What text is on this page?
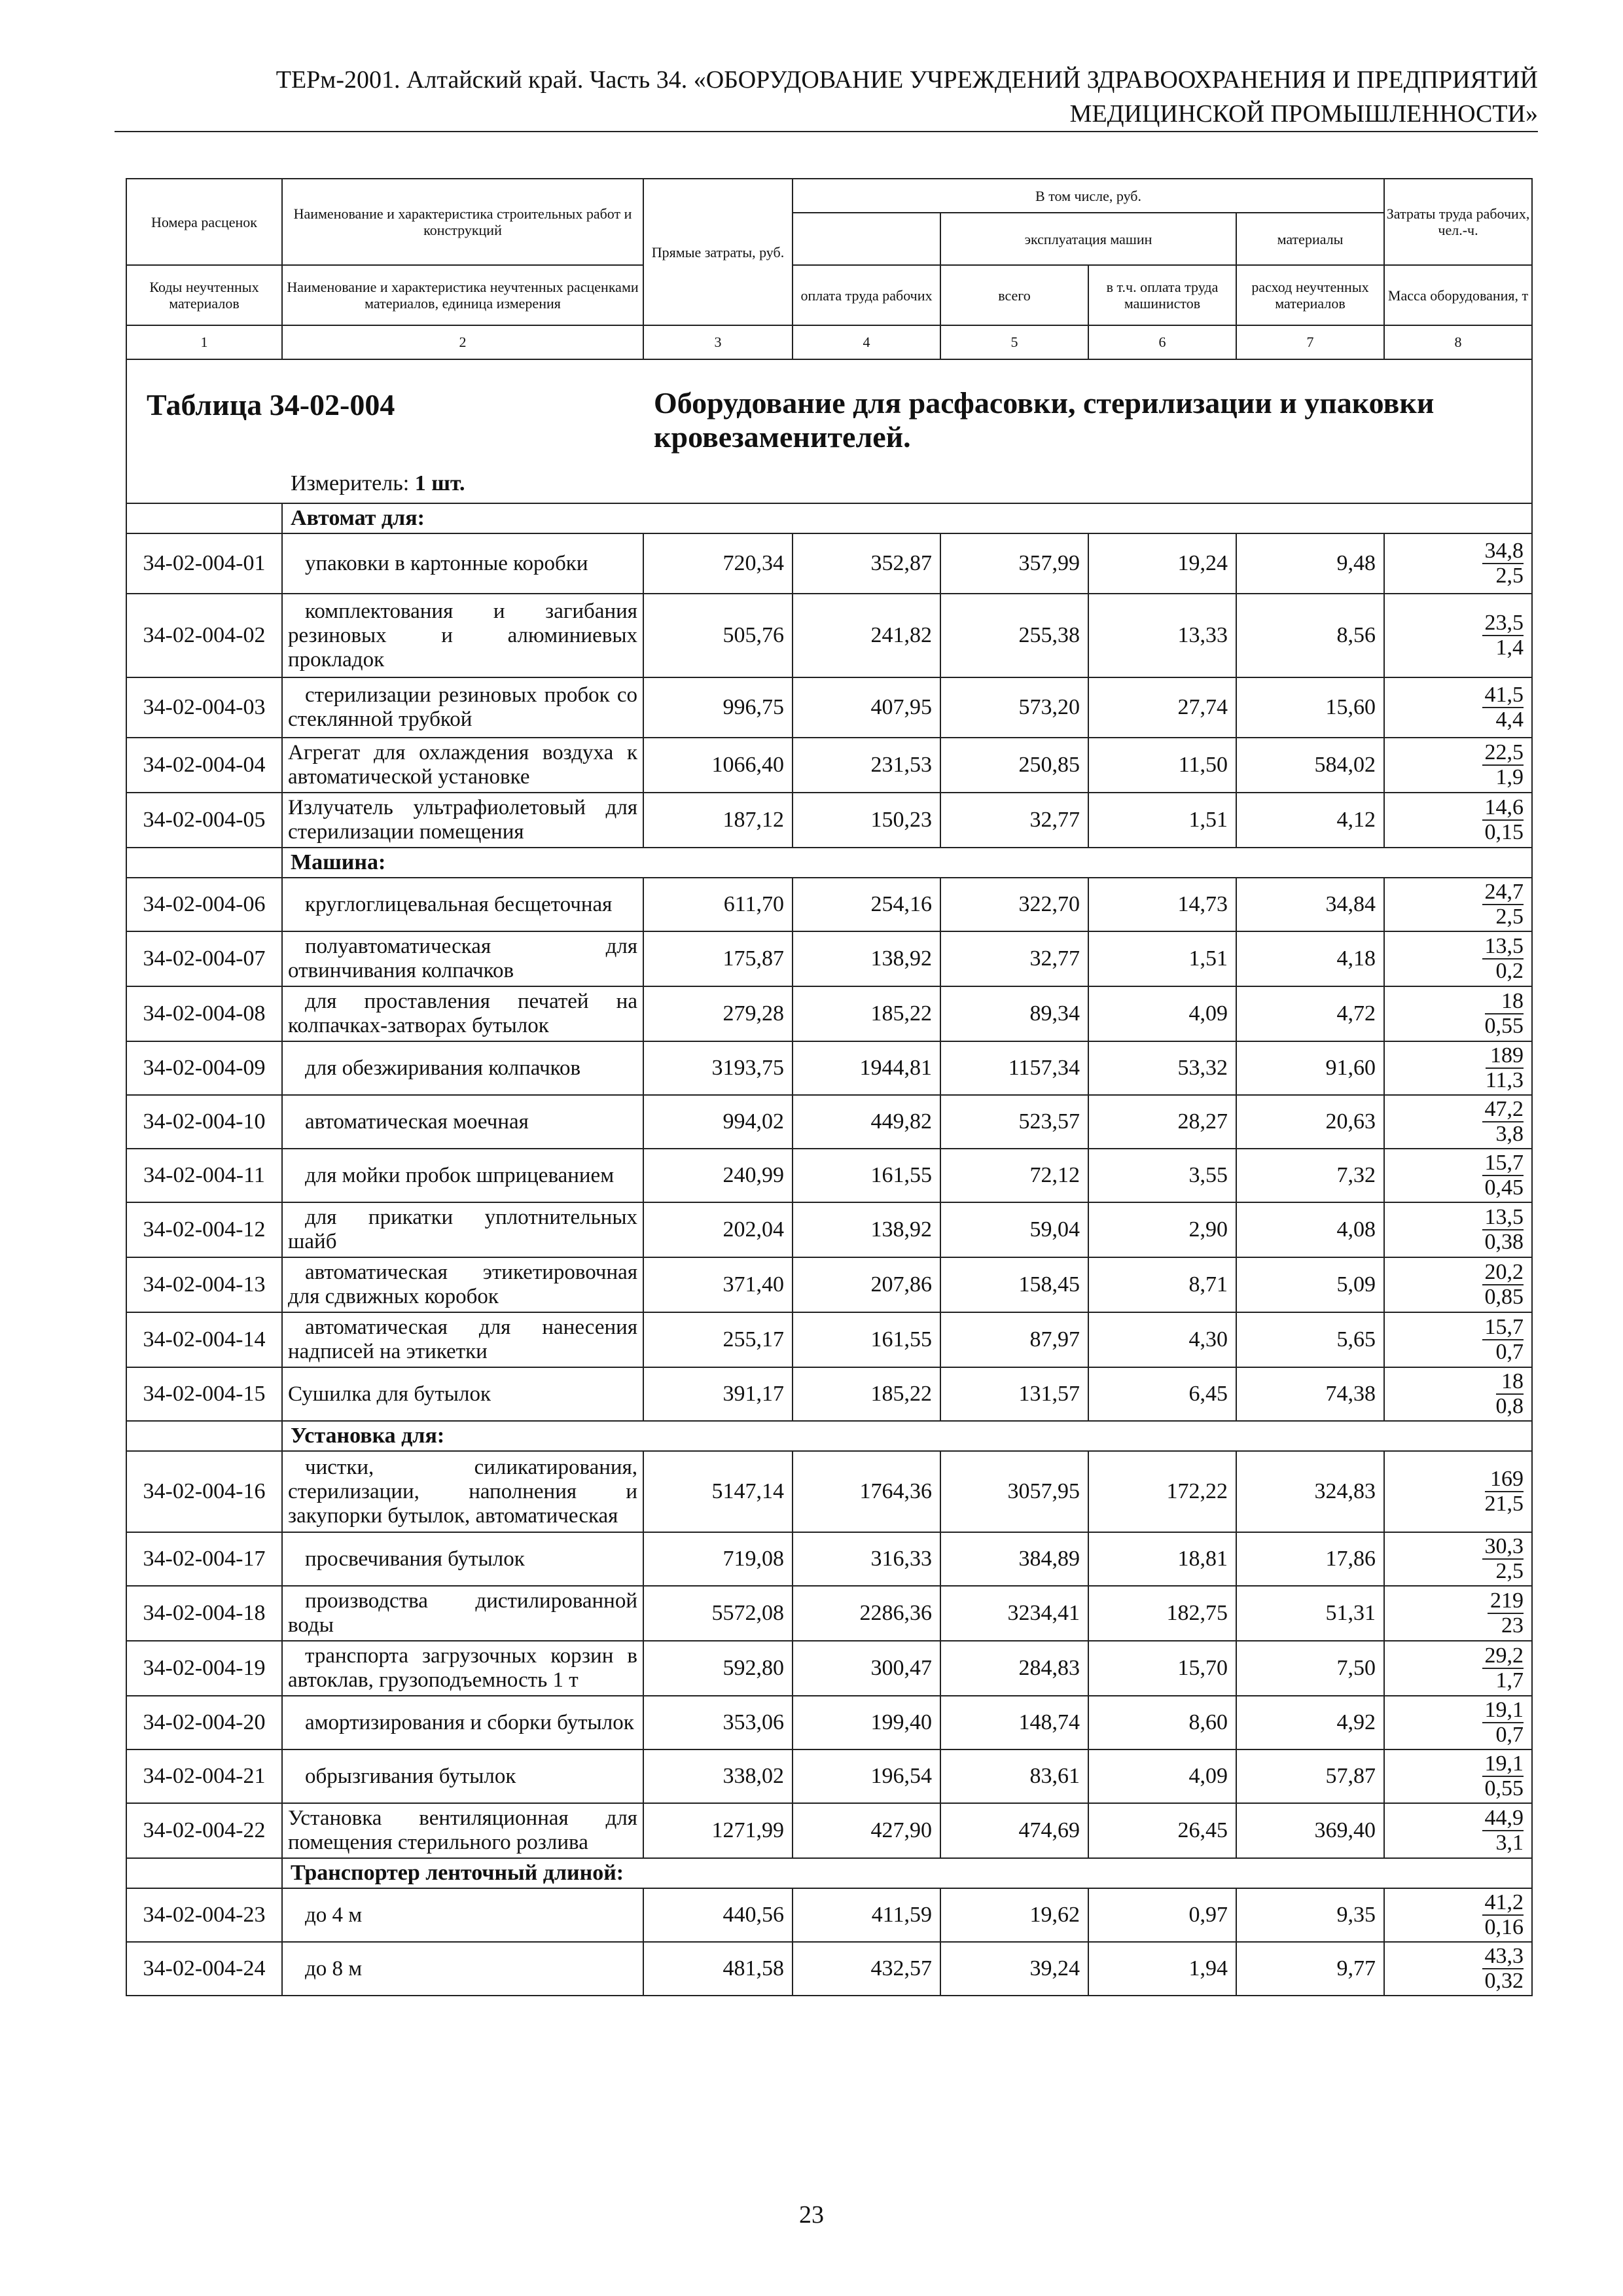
ТЕРм-2001. Алтайский край. Часть 34. «ОБОРУДОВАНИЕ УЧРЕЖДЕНИЙ ЗДРАВООХРАНЕНИЯ И ПРЕДПРИЯТИЙ
МЕДИЦИНСКОЙ ПРОМЫШЛЕННОСТИ»
Номера расценок	Наименование и характеристика строительных работ и конструкций	Прямые затраты, руб.	В том числе, руб.				Затраты труда рабочих, чел.-ч.
				эксплуатация машин		материалы	
Коды неучтенных материалов	Наименование и характеристика неучтенных расценками материалов, единица измерения		оплата труда рабочих	всего	в т.ч. оплата труда машинистов	расход неучтенных материалов	Масса оборудования, т
1	2	3	4	5	6	7	8

Таблица 34-02-004 Оборудование для расфасовки, стерилизации и упаковки кровезаменителей.
Измеритель: 1 шт.							

	Автомат для:						
34-02-004-01	упаковки в картонные коробки	720,34	352,87	357,99	19,24	9,48	$\frac{34,8}{2,5}$

34-02-004-02	комплектования и загибания резиновых и алюминиевых прокладок	505,76	241,82	255,38	13,33	8,56	$\frac{23,5}{1,4}$

34-02-004-03	стерилизации резиновых пробок со стеклянной трубкой	996,75	407,95	573,20	27,74	15,60	$\frac{41,5}{4,4}$

34-02-004-04	Агрегат для охлаждения воздуха к автоматической установке	1066,40	231,53	250,85	11,50	584,02	$\frac{22,5}{1,9}$

34-02-004-05	Излучатель ультрафиолетовый для стерилизации помещения	187,12	150,23	32,77	1,51	4,12	$\frac{14,6}{0,15}$

	Машина:						
34-02-004-06	круглоглицевальная бесщеточная	611,70	254,16	322,70	14,73	34,84	$\frac{24,7}{2,5}$

34-02-004-07	полуавтоматическая для отвинчивания колпачков	175,87	138,92	32,77	1,51	4,18	$\frac{13,5}{0,2}$

34-02-004-08	для проставления печатей на колпачках-затворах бутылок	279,28	185,22	89,34	4,09	4,72	$\frac{18}{0,55}$

34-02-004-09	для обезжиривания колпачков	3193,75	1944,81	1157,34	53,32	91,60	$\frac{189}{11,3}$

34-02-004-10	автоматическая моечная	994,02	449,82	523,57	28,27	20,63	$\frac{47,2}{3,8}$

34-02-004-11	для мойки пробок шприцеванием	240,99	161,55	72,12	3,55	7,32	$\frac{15,7}{0,45}$

34-02-004-12	для прикатки уплотнительных шайб	202,04	138,92	59,04	2,90	4,08	$\frac{13,5}{0,38}$

34-02-004-13	автоматическая этикетировочная для сдвижных коробок	371,40	207,86	158,45	8,71	5,09	$\frac{20,2}{0,85}$

34-02-004-14	автоматическая для нанесения надписей на этикетки	255,17	161,55	87,97	4,30	5,65	$\frac{15,7}{0,7}$

34-02-004-15	Сушилка для бутылок	391,17	185,22	131,57	6,45	74,38	$\frac{18}{0,8}$

	Установка для:						
34-02-004-16	чистки, силикатирования, стерилизации, наполнения и закупорки бутылок, автоматическая	5147,14	1764,36	3057,95	172,22	324,83	$\frac{169}{21,5}$

34-02-004-17	просвечивания бутылок	719,08	316,33	384,89	18,81	17,86	$\frac{30,3}{2,5}$

34-02-004-18	производства дистилированной воды	5572,08	2286,36	3234,41	182,75	51,31	$\frac{219}{23}$

34-02-004-19	транспорта загрузочных корзин в автоклав, грузоподъемность 1 т	592,80	300,47	284,83	15,70	7,50	$\frac{29,2}{1,7}$

34-02-004-20	амортизирования и сборки бутылок	353,06	199,40	148,74	8,60	4,92	$\frac{19,1}{0,7}$

34-02-004-21	обрызгивания бутылок	338,02	196,54	83,61	4,09	57,87	$\frac{19,1}{0,55}$

34-02-004-22	Установка вентиляционная для помещения стерильного розлива	1271,99	427,90	474,69	26,45	369,40	$\frac{44,9}{3,1}$

	Транспортер ленточный длиной:						
34-02-004-23	до 4 м	440,56	411,59	19,62	0,97	9,35	$\frac{41,2}{0,16}$

34-02-004-24	до 8 м	481,58	432,57	39,24	1,94	9,77	$\frac{43,3}{0,32}$
23
